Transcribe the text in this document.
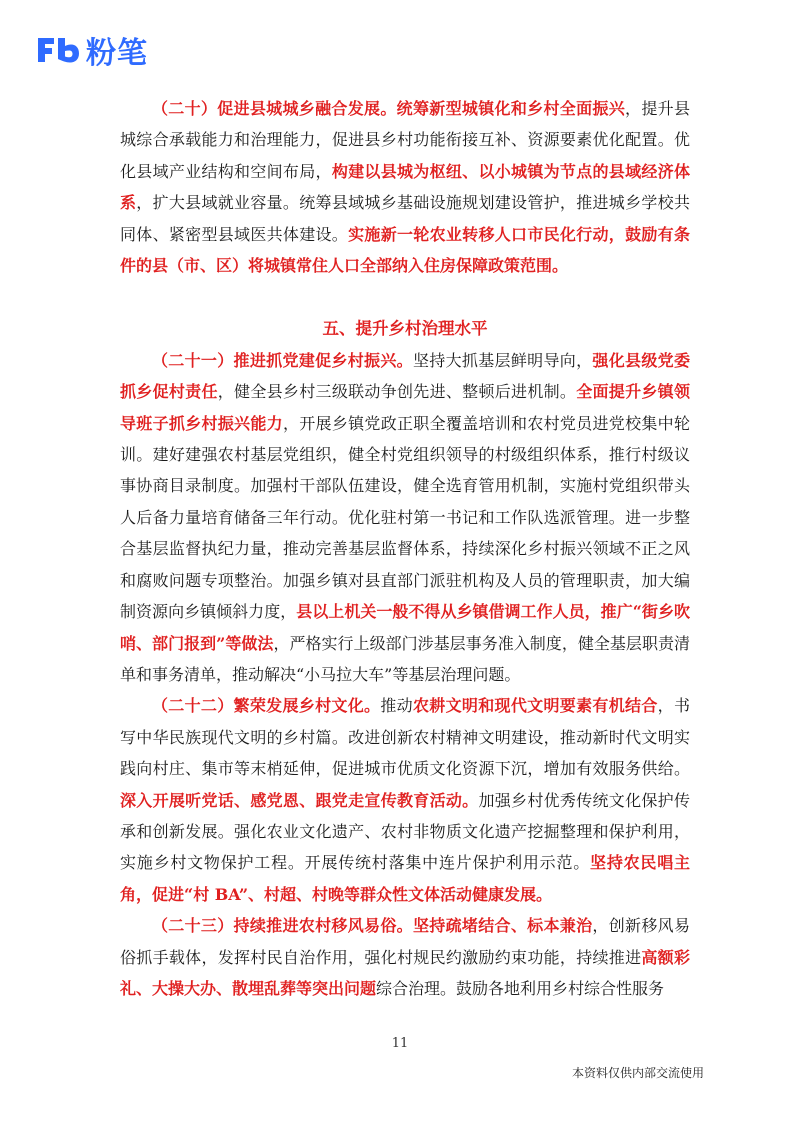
粉笔

（二十）促进县城城乡融合发展。统筹新型城镇化和乡村全面振兴，提升县城综合承载能力和治理能力，促进县乡村功能衔接互补、资源要素优化配置。优化县域产业结构和空间布局，构建以县城为枢纽、以小城镇为节点的县域经济体系，扩大县域就业容量。统筹县域城乡基础设施规划建设管护，推进城乡学校共同体、紧密型县域医共体建设。实施新一轮农业转移人口市民化行动，鼓励有条件的县（市、区）将城镇常住人口全部纳入住房保障政策范围。

五、提升乡村治理水平

（二十一）推进抓党建促乡村振兴。坚持大抓基层鲜明导向，强化县级党委抓乡促村责任，健全县乡村三级联动争创先进、整顿后进机制。全面提升乡镇领导班子抓乡村振兴能力，开展乡镇党政正职全覆盖培训和农村党员进党校集中轮训。建好建强农村基层党组织，健全村党组织领导的村级组织体系，推行村级议事协商目录制度。加强村干部队伍建设，健全选育管用机制，实施村党组织带头人后备力量培育储备三年行动。优化驻村第一书记和工作队选派管理。进一步整合基层监督执纪力量，推动完善基层监督体系，持续深化乡村振兴领域不正之风和腐败问题专项整治。加强乡镇对县直部门派驻机构及人员的管理职责，加大编制资源向乡镇倾斜力度，县以上机关一般不得从乡镇借调工作人员，推广“街乡吹哨、部门报到”等做法，严格实行上级部门涉基层事务准入制度，健全基层职责清单和事务清单，推动解决“小马拉大车”等基层治理问题。

（二十二）繁荣发展乡村文化。推动农耕文明和现代文明要素有机结合，书写中华民族现代文明的乡村篇。改进创新农村精神文明建设，推动新时代文明实践向村庄、集市等末梢延伸，促进城市优质文化资源下沉，增加有效服务供给。深入开展听党话、感党恩、跟党走宣传教育活动。加强乡村优秀传统文化保护传承和创新发展。强化农业文化遗产、农村非物质文化遗产挖掘整理和保护利用，实施乡村文物保护工程。开展传统村落集中连片保护利用示范。坚持农民唱主角，促进“村 BA”、村超、村晚等群众性文体活动健康发展。

（二十三）持续推进农村移风易俗。坚持疏堵结合、标本兼治，创新移风易俗抓手载体，发挥村民自治作用，强化村规民约激励约束功能，持续推进高额彩礼、大操大办、散埋乱葬等突出问题综合治理。鼓励各地利用乡村综合性服务

11
本资料仅供内部交流使用
